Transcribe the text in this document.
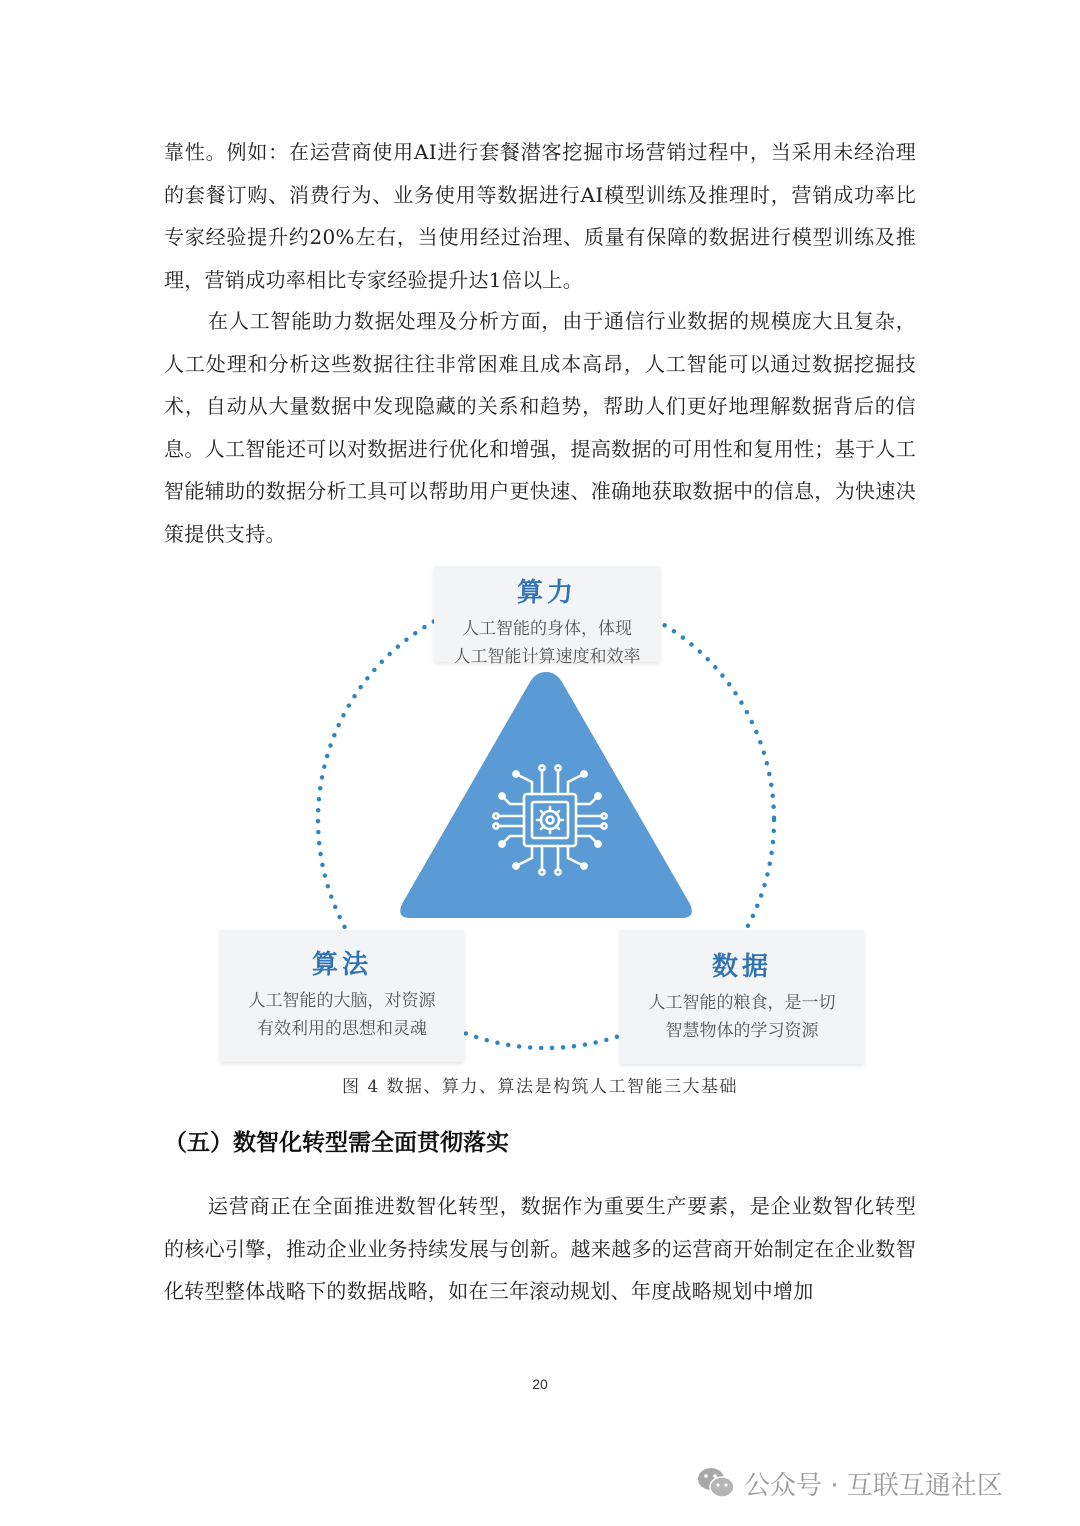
靠性。例如：在运营商使用AI进行套餐潜客挖掘市场营销过程中，当采用未经治理的套餐订购、消费行为、业务使用等数据进行AI模型训练及推理时，营销成功率比专家经验提升约20%左右，当使用经过治理、质量有保障的数据进行模型训练及推理，营销成功率相比专家经验提升达1倍以上。

在人工智能助力数据处理及分析方面，由于通信行业数据的规模庞大且复杂，人工处理和分析这些数据往往非常困难且成本高昂，人工智能可以通过数据挖掘技术，自动从大量数据中发现隐藏的关系和趋势，帮助人们更好地理解数据背后的信息。人工智能还可以对数据进行优化和增强，提高数据的可用性和复用性；基于人工智能辅助的数据分析工具可以帮助用户更快速、准确地获取数据中的信息，为快速决策提供支持。

算力
人工智能的身体，体现
人工智能计算速度和效率
算法
人工智能的大脑，对资源
有效利用的思想和灵魂
数据
人工智能的粮食，是一切
智慧物体的学习资源
图 4 数据、算力、算法是构筑人工智能三大基础
（五）数智化转型需全面贯彻落实

运营商正在全面推进数智化转型，数据作为重要生产要素，是企业数智化转型的核心引擎，推动企业业务持续发展与创新。越来越多的运营商开始制定在企业数智化转型整体战略下的数据战略，如在三年滚动规划、年度战略规划中增加

20
公众号 · 互联互通社区
